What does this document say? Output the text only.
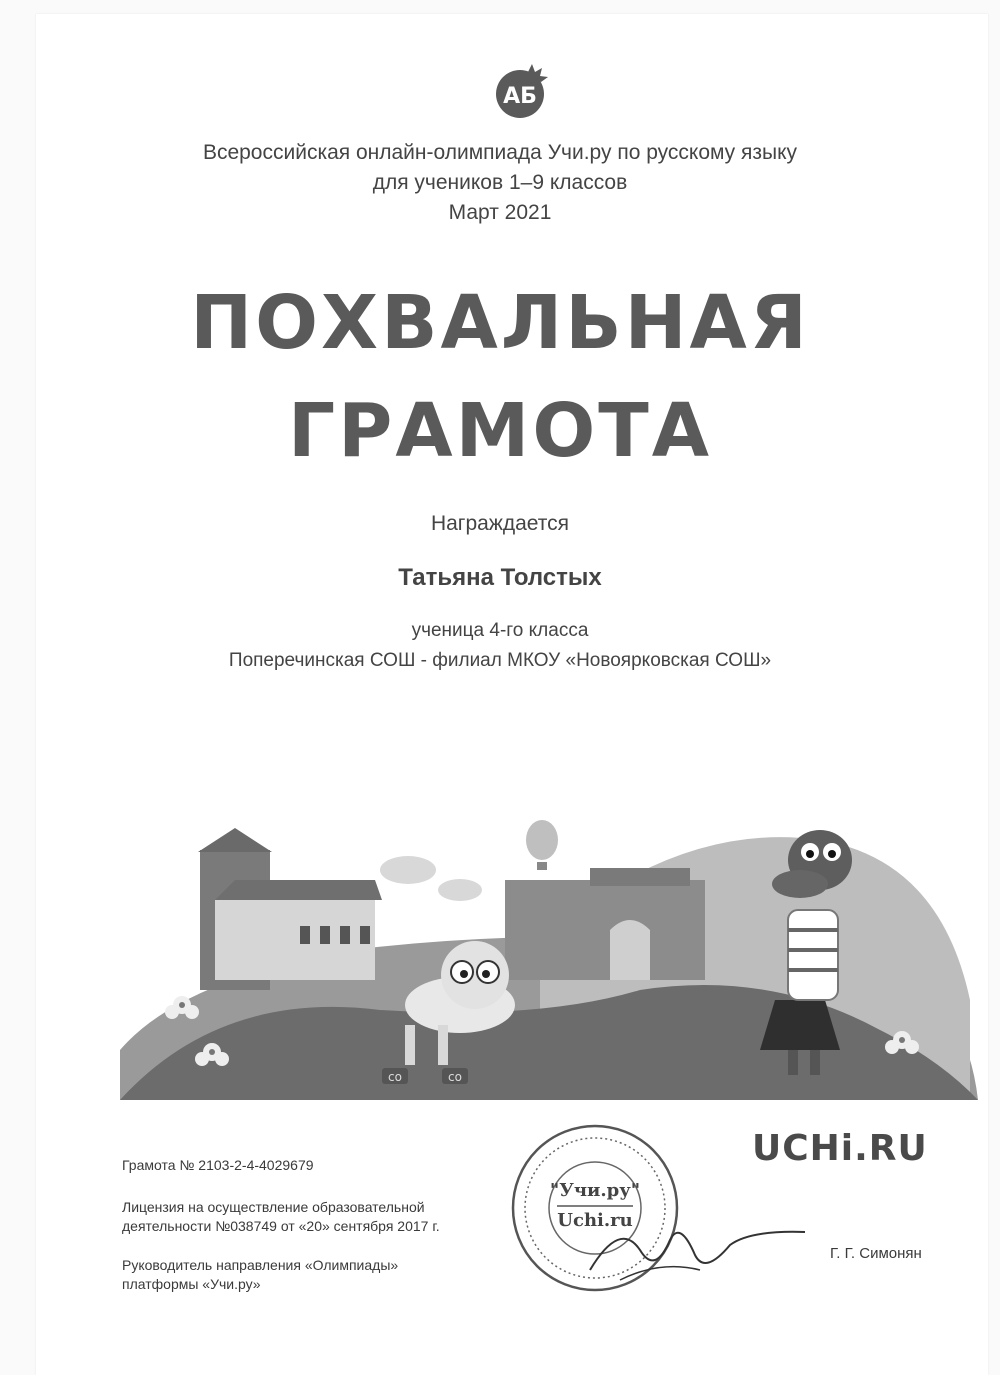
АБ
Всероссийская онлайн-олимпиада Учи.ру по русскому языку
для учеников 1–9 классов
Март 2021
ПОХВАЛЬНАЯ
ГРАМОТА
Награждается
Татьяна Толстых
ученица 4-го класса
Поперечинская СОШ - филиал МКОУ «Новоярковская СОШ»
со	со
UCHi.RU
Грамота № 2103-2-4-4029679
Лицензия на осуществление образовательной
деятельности №038749 от «20» сентября 2017 г.
Руководитель направления «Олимпиады»
платформы «Учи.ру»
Г. Г. Симонян
"Учи.ру"
Uchi.ru
